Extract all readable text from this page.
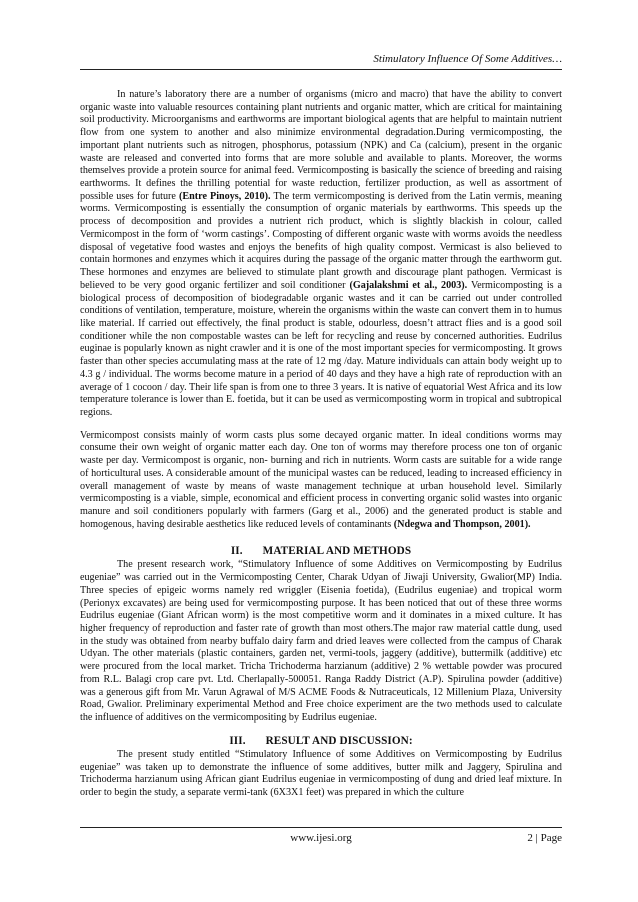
Stimulatory Influence Of Some Additives…

In nature’s laboratory there are a number of organisms (micro and macro) that have the ability to convert organic waste into valuable resources containing plant nutrients and organic matter, which are critical for maintaining soil productivity. Microorganisms and earthworms are important biological agents that are helpful to maintain nutrient flow from one system to another and also minimize environmental degradation.During vermicomposting, the important plant nutrients such as nitrogen, phosphorus, potassium (NPK) and Ca (calcium), present in the organic waste are released and converted into forms that are more soluble and available to plants. Moreover, the worms themselves provide a protein source for animal feed. Vermicomposting is basically the science of breeding and raising earthworms. It defines the thrilling potential for waste reduction, fertilizer production, as well as assortment of possible uses for future (Entre Pinoys, 2010). The term vermicomposting is derived from the Latin vermis, meaning worms. Vermicomposting is essentially the consumption of organic materials by earthworms. This speeds up the process of decomposition and provides a nutrient rich product, which is slightly blackish in colour, called Vermicompost in the form of ‘worm castings’. Composting of different organic waste with worms avoids the needless disposal of vegetative food wastes and enjoys the benefits of high quality compost. Vermicast is also believed to contain hormones and enzymes which it acquires during the passage of the organic matter through the earthworm gut. These hormones and enzymes are believed to stimulate plant growth and discourage plant pathogen. Vermicast is believed to be very good organic fertilizer and soil conditioner (Gajalakshmi et al., 2003). Vermicomposting is a biological process of decomposition of biodegradable organic wastes and it can be carried out under controlled conditions of ventilation, temperature, moisture, wherein the organisms within the waste can convert them in to humus like material. If carried out effectively, the final product is stable, odourless, doesn’t attract flies and is a good soil conditioner while the non compostable wastes can be left for recycling and reuse by concerned authorities. Eudrilus euginae is popularly known as night crawler and it is one of the most important species for vermicomposting. It grows faster than other species accumulating mass at the rate of 12 mg /day. Mature individuals can attain body weight up to 4.3 g / individual. The worms become mature in a period of 40 days and they have a high rate of reproduction with an average of 1 cocoon / day. Their life span is from one to three 3 years. It is native of equatorial West Africa and its low temperature tolerance is lower than E. foetida, but it can be used as vermicomposting worm in tropical and subtropical regions.

Vermicompost consists mainly of worm casts plus some decayed organic matter. In ideal conditions worms may consume their own weight of organic matter each day. One ton of worms may therefore process one ton of organic waste per day. Vermicompost is organic, non- burning and rich in nutrients. Worm casts are suitable for a wide range of horticultural uses. A considerable amount of the municipal wastes can be reduced, leading to increased efficiency in overall management of waste by means of waste management technique at urban household level. Similarly vermicomposting is a viable, simple, economical and efficient process in converting organic solid wastes into organic manure and soil conditioners popularly with farmers (Garg et al., 2006) and the generated product is stable and homogenous, having desirable aesthetics like reduced levels of contaminants (Ndegwa and Thompson, 2001).

II. MATERIAL AND METHODS

The present research work, “Stimulatory Influence of some Additives on Vermicomposting by Eudrilus eugeniae” was carried out in the Vermicomposting Center, Charak Udyan of Jiwaji University, Gwalior(MP) India. Three species of epigeic worms namely red wriggler (Eisenia foetida), (Eudrilus eugeniae) and tropical worm (Perionyx excavates) are being used for vermicomposting purpose. It has been noticed that out of these three worms Eudrilus eugeniae (Giant African worm) is the most competitive worm and it dominates in a mixed culture. It has higher frequency of reproduction and faster rate of growth than most others.The major raw material cattle dung, used in the study was obtained from nearby buffalo dairy farm and dried leaves were collected from the campus of Charak Udyan. The other materials (plastic containers, garden net, vermi-tools, jaggery (additive), buttermilk (additive) etc were procured from the local market. Tricha Trichoderma harzianum (additive) 2 % wettable powder was procured from R.L. Balagi crop care pvt. Ltd. Cherlapally-500051. Ranga Raddy District (A.P). Spirulina powder (additive) was a generous gift from Mr. Varun Agrawal of M/S ACME Foods & Nutraceuticals, 12 Millenium Plaza, University Road, Gwalior. Preliminary experimental Method and Free choice experiment are the two methods used to calculate the influence of additives on the vermicompositing by Eudrilus eugeniae.

III. RESULT AND DISCUSSION:

The present study entitled “Stimulatory Influence of some Additives on Vermicomposting by Eudrilus eugeniae” was taken up to demonstrate the influence of some additives, butter milk and Jaggery, Spirulina and Trichoderma harzianum using African giant Eudrilus eugeniae in vermicomposting of dung and dried leaf mixture. In order to begin the study, a separate vermi-tank (6X3X1 feet) was prepared in which the culture

www.ijesi.org	2 | Page
